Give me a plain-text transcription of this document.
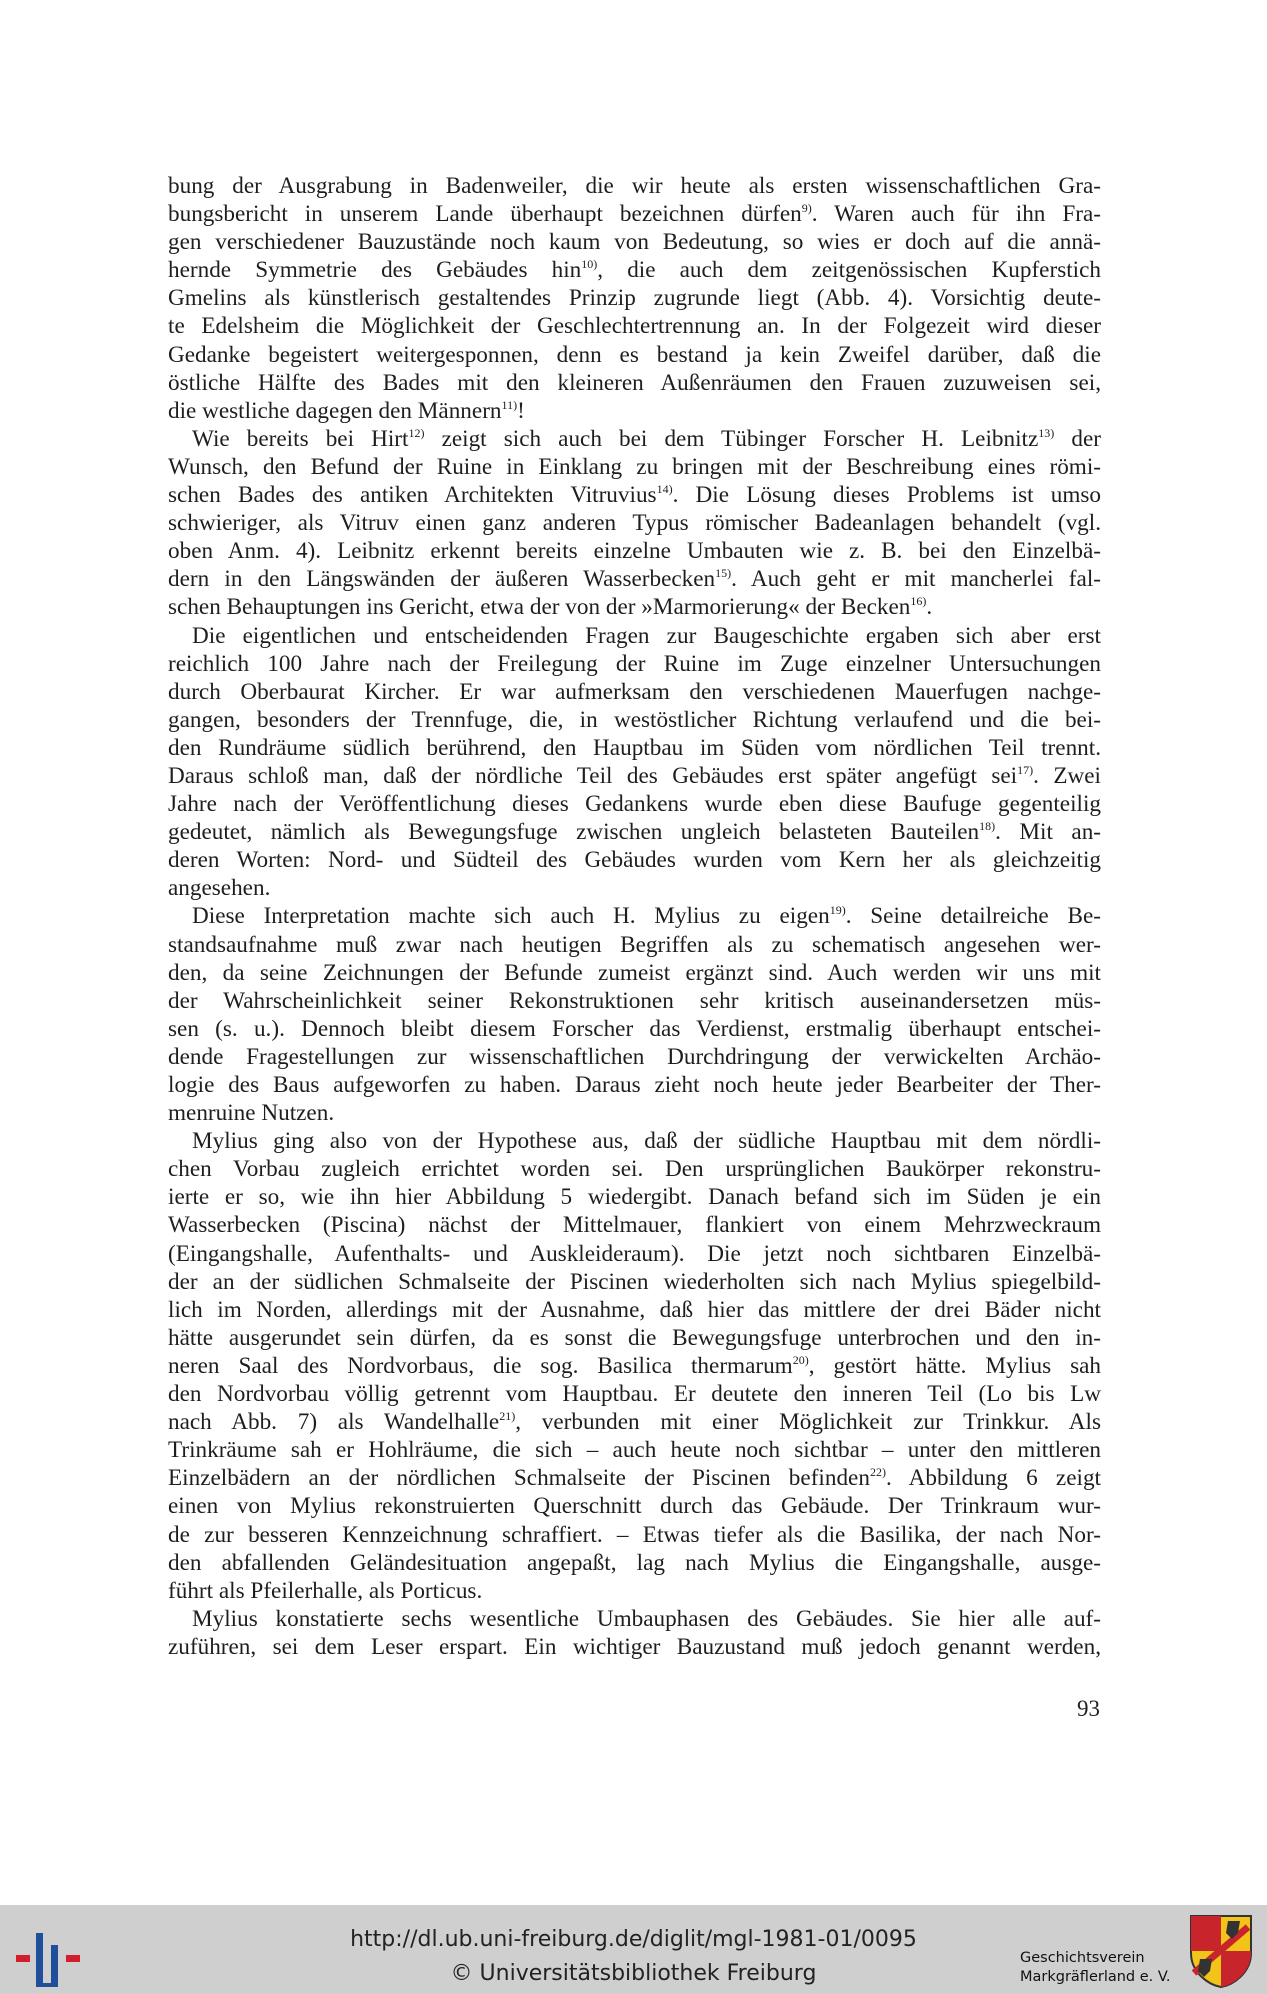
bung der Ausgrabung in Badenweiler, die wir heute als ersten wissenschaftlichen Gra-
bungsbericht in unserem Lande überhaupt bezeichnen dürfen$^{9)}$. Waren auch für ihn Fra-
gen verschiedener Bauzustände noch kaum von Bedeutung, so wies er doch auf die annä-
hernde Symmetrie des Gebäudes hin$^{10)}$, die auch dem zeitgenössischen Kupferstich
Gmelins als künstlerisch gestaltendes Prinzip zugrunde liegt (Abb. 4). Vorsichtig deute-
te Edelsheim die Möglichkeit der Geschlechtertrennung an. In der Folgezeit wird dieser
Gedanke begeistert weitergesponnen, denn es bestand ja kein Zweifel darüber, daß die
östliche Hälfte des Bades mit den kleineren Außenräumen den Frauen zuzuweisen sei,
die westliche dagegen den Männern$^{11)}$!
Wie bereits bei Hirt$^{12)}$ zeigt sich auch bei dem Tübinger Forscher H. Leibnitz$^{13)}$ der
Wunsch, den Befund der Ruine in Einklang zu bringen mit der Beschreibung eines römi-
schen Bades des antiken Architekten Vitruvius$^{14)}$. Die Lösung dieses Problems ist umso
schwieriger, als Vitruv einen ganz anderen Typus römischer Badeanlagen behandelt (vgl.
oben Anm. 4). Leibnitz erkennt bereits einzelne Umbauten wie z. B. bei den Einzelbä-
dern in den Längswänden der äußeren Wasserbecken$^{15)}$. Auch geht er mit mancherlei fal-
schen Behauptungen ins Gericht, etwa der von der »Marmorierung« der Becken$^{16)}$.
Die eigentlichen und entscheidenden Fragen zur Baugeschichte ergaben sich aber erst
reichlich 100 Jahre nach der Freilegung der Ruine im Zuge einzelner Untersuchungen
durch Oberbaurat Kircher. Er war aufmerksam den verschiedenen Mauerfugen nachge-
gangen, besonders der Trennfuge, die, in westöstlicher Richtung verlaufend und die bei-
den Rundräume südlich berührend, den Hauptbau im Süden vom nördlichen Teil trennt.
Daraus schloß man, daß der nördliche Teil des Gebäudes erst später angefügt sei$^{17)}$. Zwei
Jahre nach der Veröffentlichung dieses Gedankens wurde eben diese Baufuge gegenteilig
gedeutet, nämlich als Bewegungsfuge zwischen ungleich belasteten Bauteilen$^{18)}$. Mit an-
deren Worten: Nord- und Südteil des Gebäudes wurden vom Kern her als gleichzeitig
angesehen.
Diese Interpretation machte sich auch H. Mylius zu eigen$^{19)}$. Seine detailreiche Be-
standsaufnahme muß zwar nach heutigen Begriffen als zu schematisch angesehen wer-
den, da seine Zeichnungen der Befunde zumeist ergänzt sind. Auch werden wir uns mit
der Wahrscheinlichkeit seiner Rekonstruktionen sehr kritisch auseinandersetzen müs-
sen (s. u.). Dennoch bleibt diesem Forscher das Verdienst, erstmalig überhaupt entschei-
dende Fragestellungen zur wissenschaftlichen Durchdringung der verwickelten Archäo-
logie des Baus aufgeworfen zu haben. Daraus zieht noch heute jeder Bearbeiter der Ther-
menruine Nutzen.
Mylius ging also von der Hypothese aus, daß der südliche Hauptbau mit dem nördli-
chen Vorbau zugleich errichtet worden sei. Den ursprünglichen Baukörper rekonstru-
ierte er so, wie ihn hier Abbildung 5 wiedergibt. Danach befand sich im Süden je ein
Wasserbecken (Piscina) nächst der Mittelmauer, flankiert von einem Mehrzweckraum
(Eingangshalle, Aufenthalts- und Auskleideraum). Die jetzt noch sichtbaren Einzelbä-
der an der südlichen Schmalseite der Piscinen wiederholten sich nach Mylius spiegelbild-
lich im Norden, allerdings mit der Ausnahme, daß hier das mittlere der drei Bäder nicht
hätte ausgerundet sein dürfen, da es sonst die Bewegungsfuge unterbrochen und den in-
neren Saal des Nordvorbaus, die sog. Basilica thermarum$^{20)}$, gestört hätte. Mylius sah
den Nordvorbau völlig getrennt vom Hauptbau. Er deutete den inneren Teil (Lo bis Lw
nach Abb. 7) als Wandelhalle$^{21)}$, verbunden mit einer Möglichkeit zur Trinkkur. Als
Trinkräume sah er Hohlräume, die sich – auch heute noch sichtbar – unter den mittleren
Einzelbädern an der nördlichen Schmalseite der Piscinen befinden$^{22)}$. Abbildung 6 zeigt
einen von Mylius rekonstruierten Querschnitt durch das Gebäude. Der Trinkraum wur-
de zur besseren Kennzeichnung schraffiert. – Etwas tiefer als die Basilika, der nach Nor-
den abfallenden Geländesituation angepaßt, lag nach Mylius die Eingangshalle, ausge-
führt als Pfeilerhalle, als Porticus.
Mylius konstatierte sechs wesentliche Umbauphasen des Gebäudes. Sie hier alle auf-
zuführen, sei dem Leser erspart. Ein wichtiger Bauzustand muß jedoch genannt werden,
93
http://dl.ub.uni-freiburg.de/diglit/mgl-1981-01/0095
© Universitätsbibliothek Freiburg
Geschichtsverein
Markgräflerland e. V.
